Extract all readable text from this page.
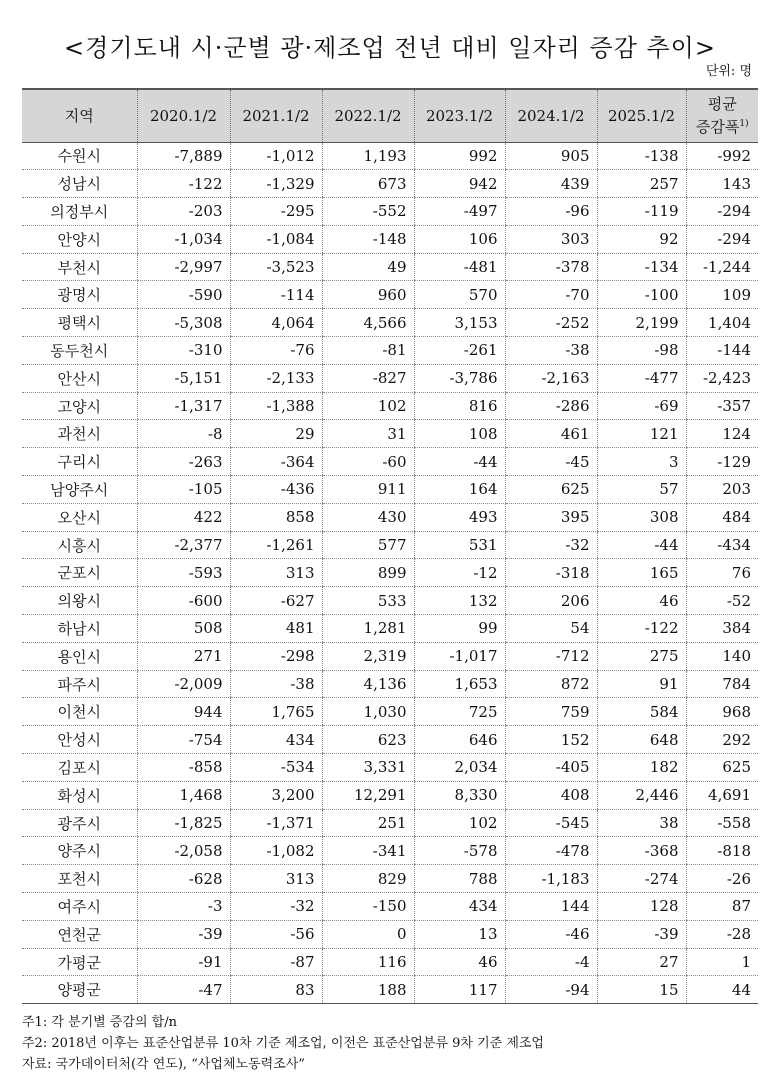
<경기도내 시·군별 광·제조업 전년 대비 일자리 증감 추이>
단위: 명
지역	2020.1/2	2021.1/2	2022.1/2	2023.1/2	2024.1/2	2025.1/2	평균
증감폭$^{1)}$
수원시	-7,889	-1,012	1,193	992	905	-138	-992
성남시	-122	-1,329	673	942	439	257	143
의정부시	-203	-295	-552	-497	-96	-119	-294
안양시	-1,034	-1,084	-148	106	303	92	-294
부천시	-2,997	-3,523	49	-481	-378	-134	-1,244
광명시	-590	-114	960	570	-70	-100	109
평택시	-5,308	4,064	4,566	3,153	-252	2,199	1,404
동두천시	-310	-76	-81	-261	-38	-98	-144
안산시	-5,151	-2,133	-827	-3,786	-2,163	-477	-2,423
고양시	-1,317	-1,388	102	816	-286	-69	-357
과천시	-8	29	31	108	461	121	124
구리시	-263	-364	-60	-44	-45	3	-129
남양주시	-105	-436	911	164	625	57	203
오산시	422	858	430	493	395	308	484
시흥시	-2,377	-1,261	577	531	-32	-44	-434
군포시	-593	313	899	-12	-318	165	76
의왕시	-600	-627	533	132	206	46	-52
하남시	508	481	1,281	99	54	-122	384
용인시	271	-298	2,319	-1,017	-712	275	140
파주시	-2,009	-38	4,136	1,653	872	91	784
이천시	944	1,765	1,030	725	759	584	968
안성시	-754	434	623	646	152	648	292
김포시	-858	-534	3,331	2,034	-405	182	625
화성시	1,468	3,200	12,291	8,330	408	2,446	4,691
광주시	-1,825	-1,371	251	102	-545	38	-558
양주시	-2,058	-1,082	-341	-578	-478	-368	-818
포천시	-628	313	829	788	-1,183	-274	-26
여주시	-3	-32	-150	434	144	128	87
연천군	-39	-56	0	13	-46	-39	-28
가평군	-91	-87	116	46	-4	27	1
양평군	-47	83	188	117	-94	15	44
주1: 각 분기별 증감의 합/n
주2: 2018년 이후는 표준산업분류 10차 기준 제조업, 이전은 표준산업분류 9차 기준 제조업
자료: 국가데이터처(각 연도), “사업체노동력조사”
